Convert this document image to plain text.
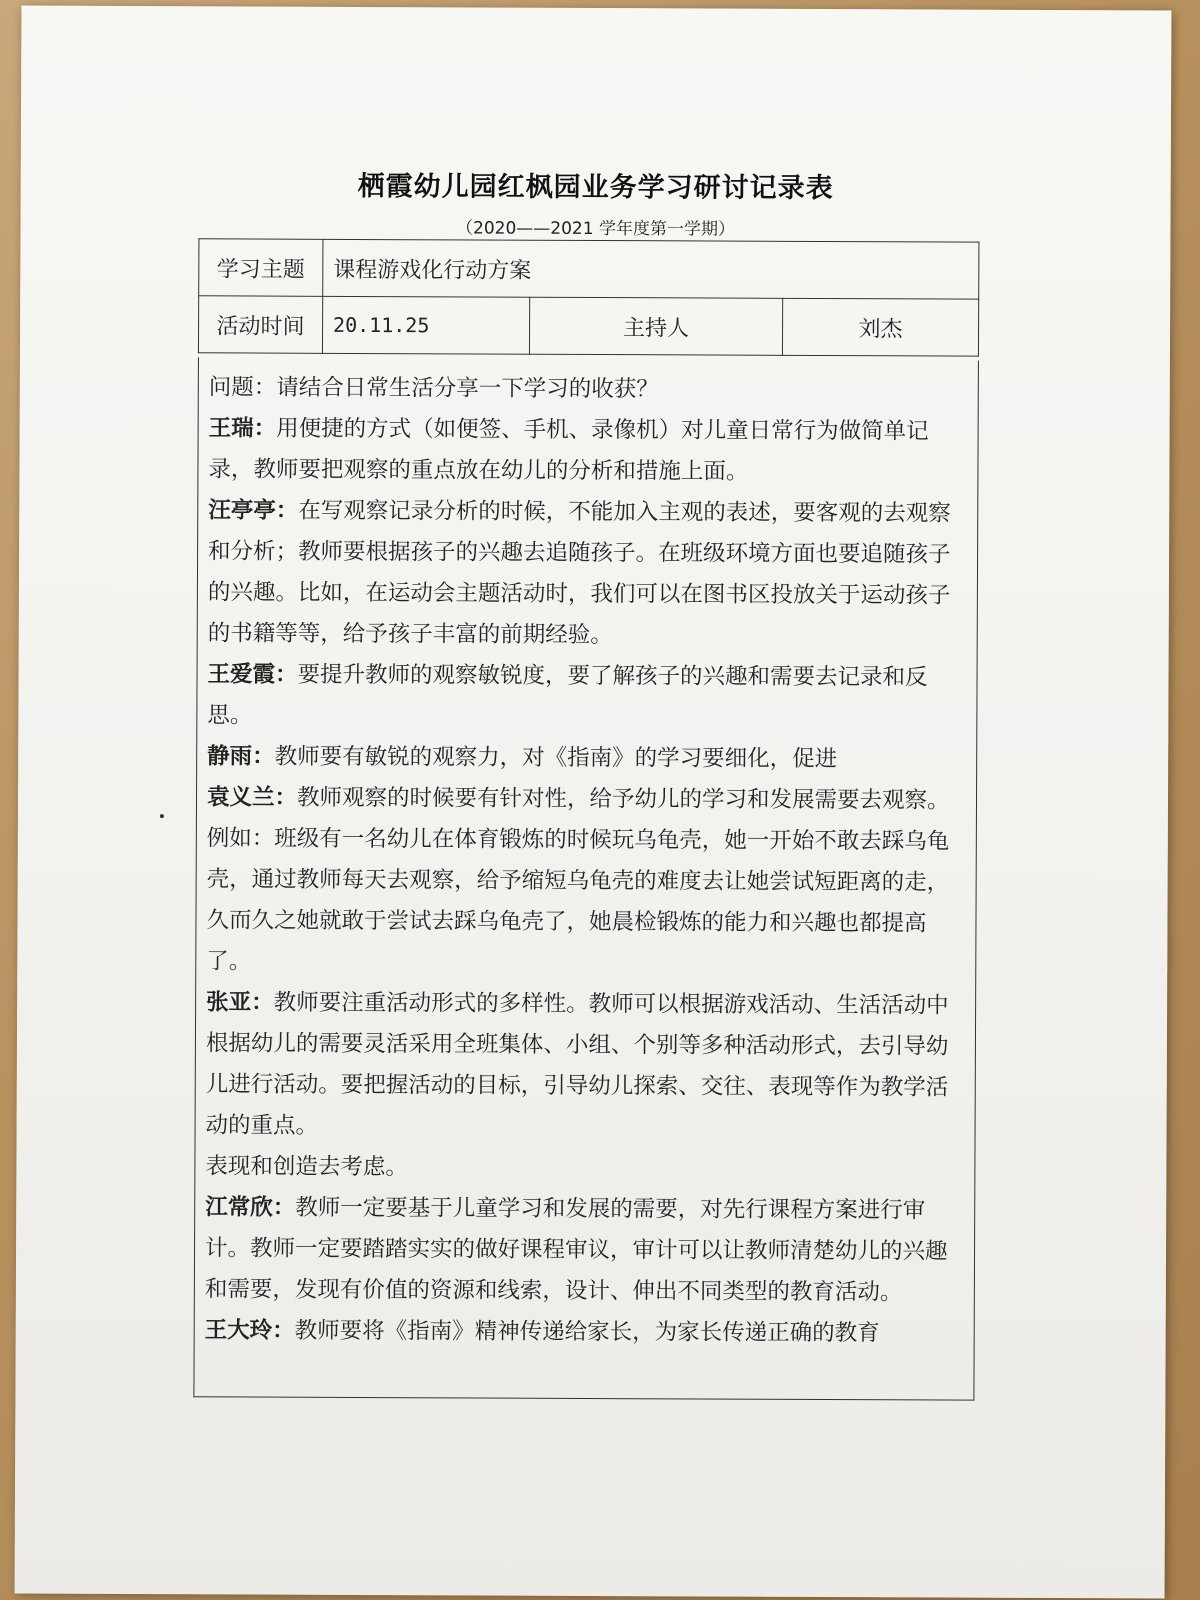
栖霞幼儿园红枫园业务学习研讨记录表
（2020——2021 学年度第一学期）
学习主题	课程游戏化行动方案		
活动时间	20.11.25	主持人	刘杰

问题：请结合日常生活分享一下学习的收获？

王瑞：用便捷的方式（如便签、手机、录像机）对儿童日常行为做简单记录，教师要把观察的重点放在幼儿的分析和措施上面。

汪亭亭：在写观察记录分析的时候，不能加入主观的表述，要客观的去观察和分析；教师要根据孩子的兴趣去追随孩子。在班级环境方面也要追随孩子的兴趣。比如，在运动会主题活动时，我们可以在图书区投放关于运动孩子的书籍等等，给予孩子丰富的前期经验。

王爱霞：要提升教师的观察敏锐度，要了解孩子的兴趣和需要去记录和反思。

静雨：教师要有敏锐的观察力，对《指南》的学习要细化，促进

袁义兰：教师观察的时候要有针对性，给予幼儿的学习和发展需要去观察。例如：班级有一名幼儿在体育锻炼的时候玩乌龟壳，她一开始不敢去踩乌龟壳，通过教师每天去观察，给予缩短乌龟壳的难度去让她尝试短距离的走，久而久之她就敢于尝试去踩乌龟壳了，她晨检锻炼的能力和兴趣也都提高了。

张亚：教师要注重活动形式的多样性。教师可以根据游戏活动、生活活动中根据幼儿的需要灵活采用全班集体、小组、个别等多种活动形式，去引导幼儿进行活动。要把握活动的目标，引导幼儿探索、交往、表现等作为教学活动的重点。

表现和创造去考虑。

江常欣：教师一定要基于儿童学习和发展的需要，对先行课程方案进行审计。教师一定要踏踏实实的做好课程审议，审计可以让教师清楚幼儿的兴趣和需要，发现有价值的资源和线索，设计、伸出不同类型的教育活动。

王大玲：教师要将《指南》精神传递给家长，为家长传递正确的教育
